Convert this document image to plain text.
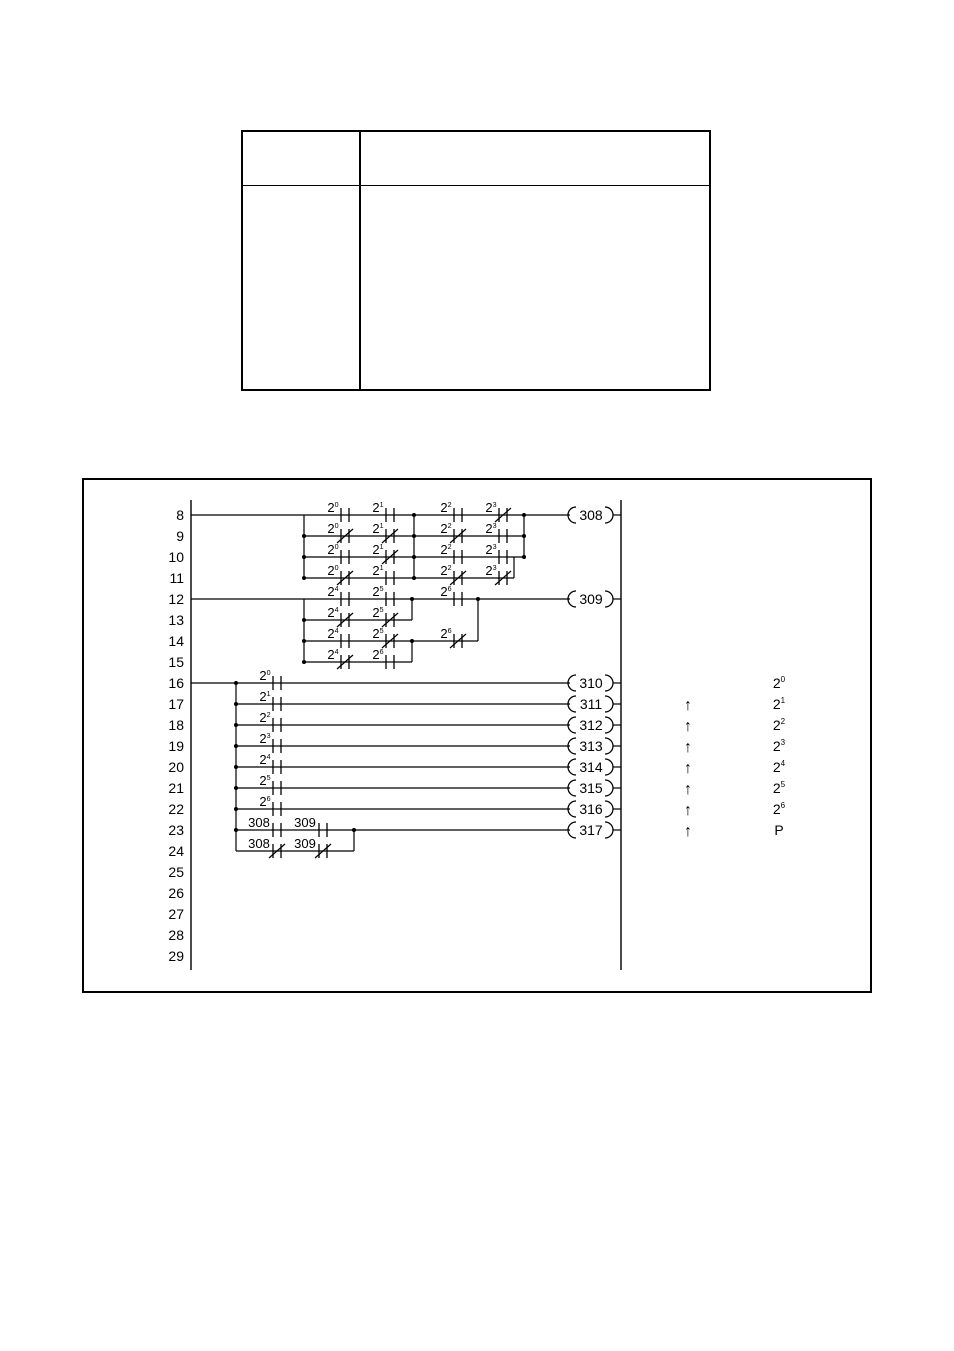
8
9
10
11
12
13
14
15
16
17
18
19
20
21
22
23
24
25
26
27
28
29
$2^0$	$2^1$	$2^2$	$2^3$
$2^0$	$2^1$	$2^2$	$2^3$
$2^0$	$2^1$	$2^2$	$2^3$
$2^0$	$2^1$	$2^2$	$2^3$
$2^4$	$2^5$
$2^4$	$2^5$
$2^4$	$2^5$
$2^4$	$2^6$
$2^6$
$2^6$
$2^0$
$2^1$
$2^2$
$2^3$
$2^4$
$2^5$
$2^6$
308 309
308 309
308
309
310
311
312
313
314
315
316
317
$2^0$
↑	$2^1$
↑	$2^2$
↑	$2^3$
↑	$2^4$
↑	$2^5$
↑	$2^6$
↑	P
